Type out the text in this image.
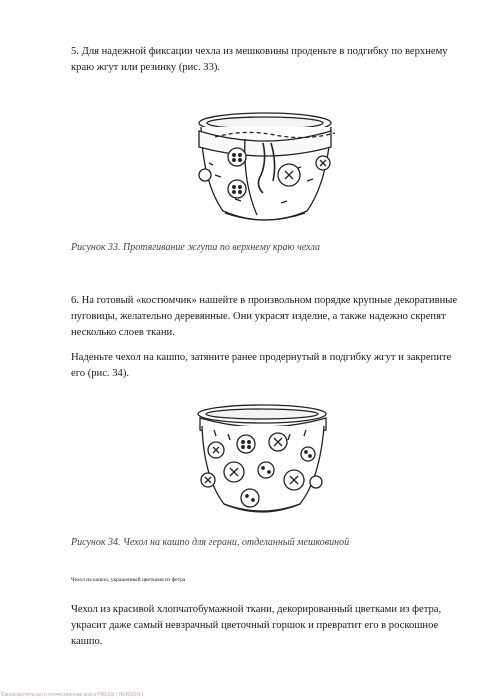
5. Для надежной фиксации чехла из мешковины проденьте в подгибку по верхнему краю жгут или резинку (рис. 33).

Рисунок 33. Протягивание жгута по верхнему краю чехла

6. На готовый «костюмчик» нашейте в произвольном порядке крупные декоративные пуговицы, желательно деревянные. Они украсят изделие, а также надежно скрепят несколько слоев ткани.

Наденьте чехол на кашпо, затяните ранее продернутый в подгибку жгут и закрепите его (рис. 34).

Рисунок 34. Чехол на кашпо для герани, отделанный мешковиной

Чехол на кашпо, украшенный цветками из фетра

Чехол из красивой хлопчатобумажной ткани, декорированный цветками из фетра, украсит даже самый невзрачный цветочный горшок и превратит его в роскошное кашпо.

Ознакомительная и отечественная книга PRESS ( HERSON )
